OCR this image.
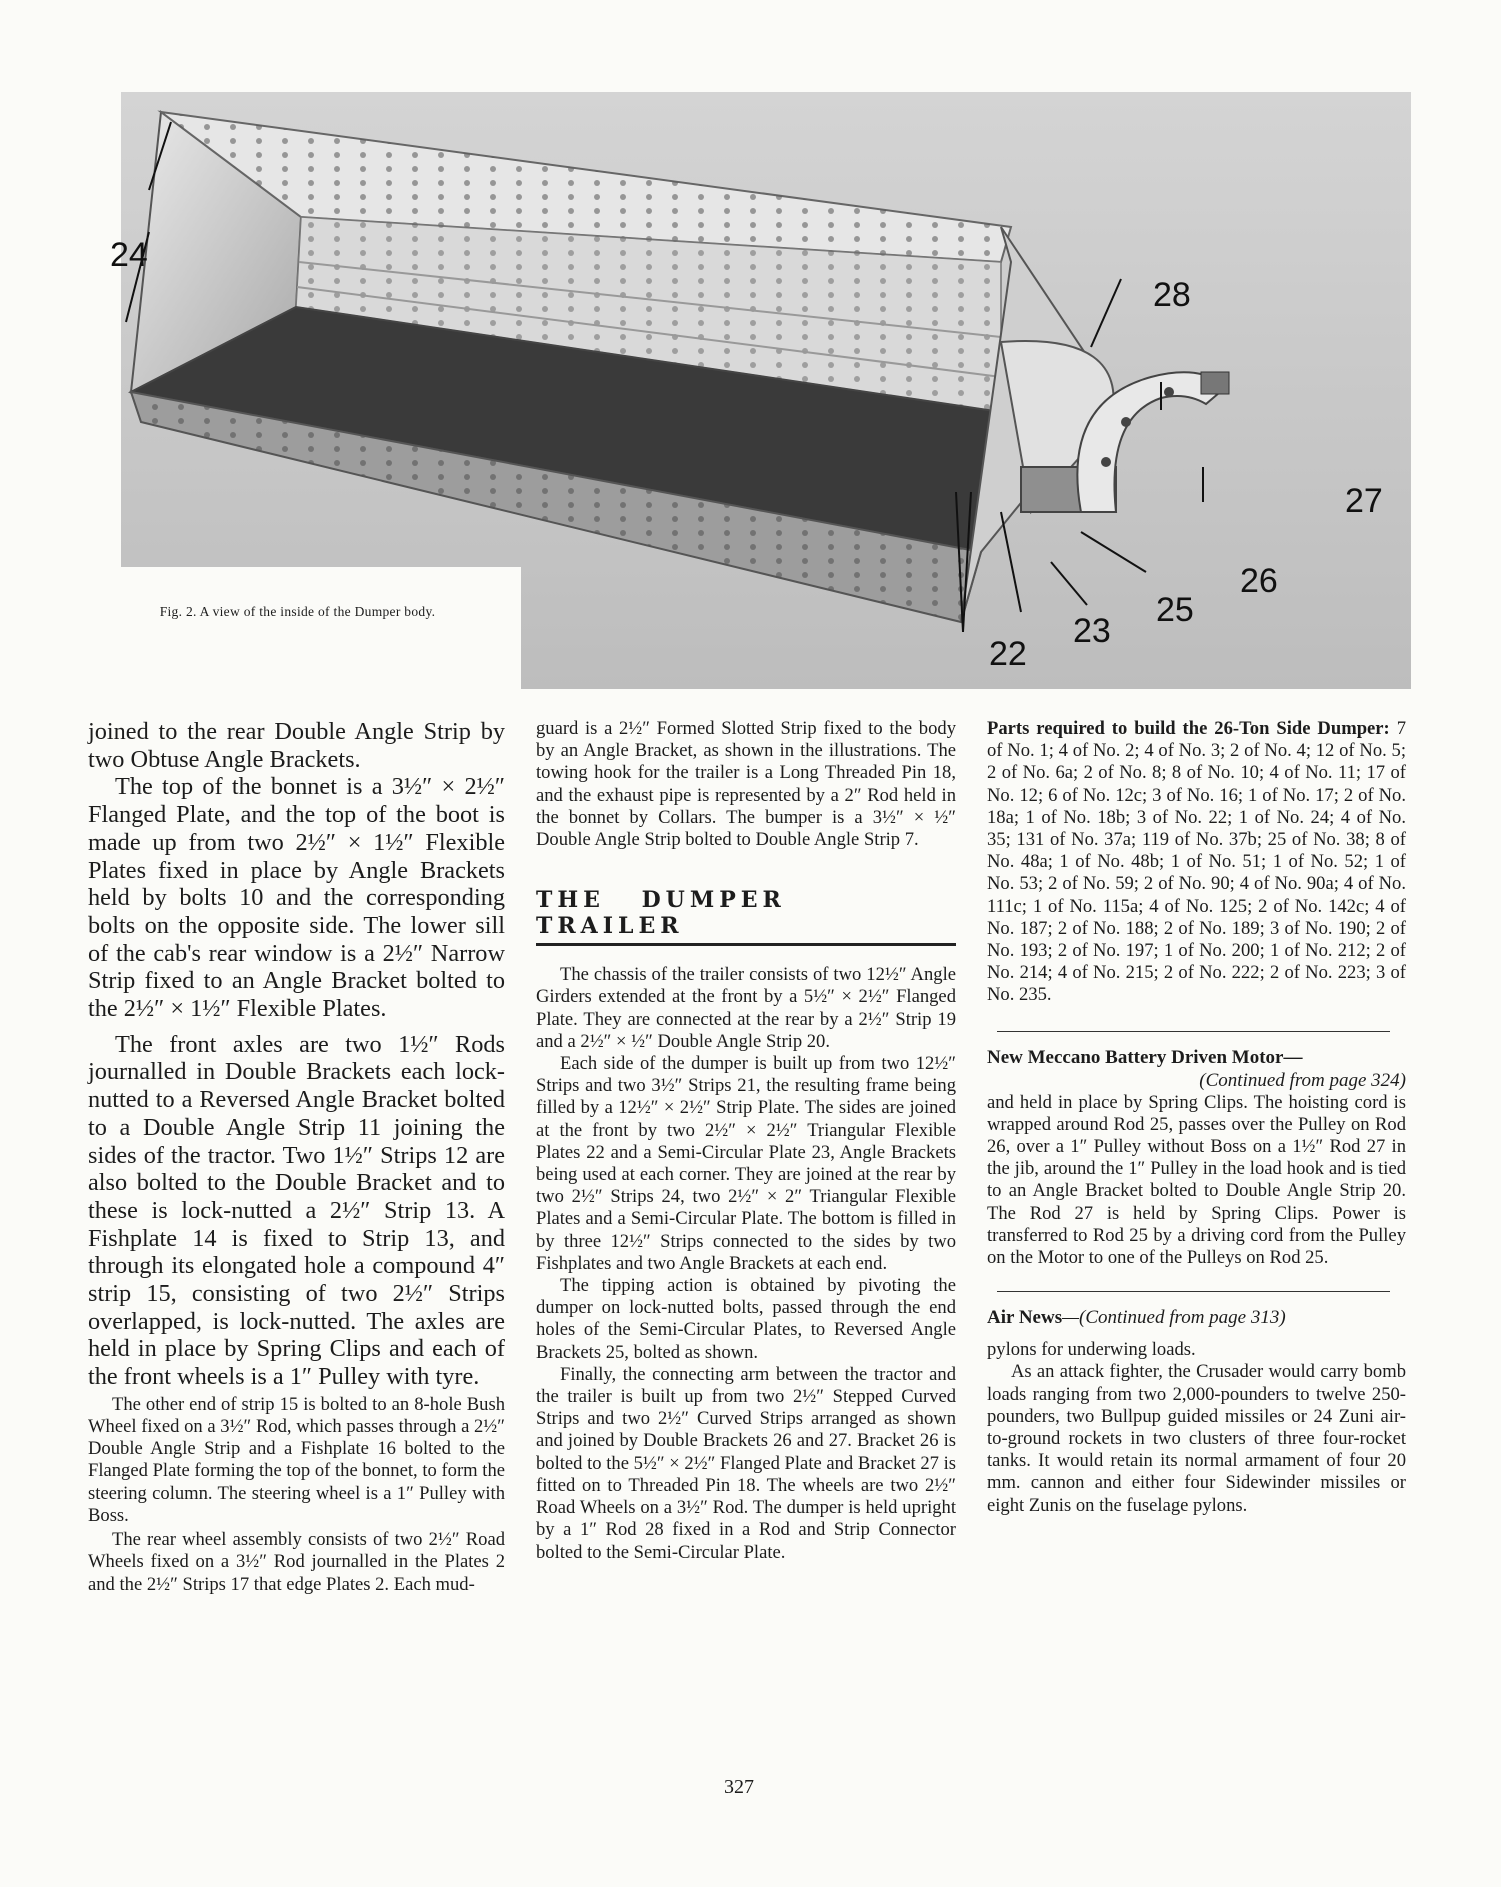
Fig. 2. A view of the inside of the Dumper body.
24
28
27
26
25
23
22

joined to the rear Double Angle Strip by two Obtuse Angle Brackets.

The top of the bonnet is a 3½″ × 2½″ Flanged Plate, and the top of the boot is made up from two 2½″ × 1½″ Flexible Plates fixed in place by Angle Brackets held by bolts 10 and the corresponding bolts on the opposite side. The lower sill of the cab's rear window is a 2½″ Narrow Strip fixed to an Angle Bracket bolted to the 2½″ × 1½″ Flexible Plates.

The front axles are two 1½″ Rods journalled in Double Brackets each lock-nutted to a Reversed Angle Bracket bolted to a Double Angle Strip 11 joining the sides of the tractor. Two 1½″ Strips 12 are also bolted to the Double Bracket and to these is lock-nutted a 2½″ Strip 13. A Fishplate 14 is fixed to Strip 13, and through its elongated hole a compound 4″ strip 15, consisting of two 2½″ Strips overlapped, is lock-nutted. The axles are held in place by Spring Clips and each of the front wheels is a 1″ Pulley with tyre.

The other end of strip 15 is bolted to an 8-hole Bush Wheel fixed on a 3½″ Rod, which passes through a 2½″ Double Angle Strip and a Fishplate 16 bolted to the Flanged Plate forming the top of the bonnet, to form the steering column. The steering wheel is a 1″ Pulley with Boss.

The rear wheel assembly consists of two 2½″ Road Wheels fixed on a 3½″ Rod journalled in the Plates 2 and the 2½″ Strips 17 that edge Plates 2. Each mud-

guard is a 2½″ Formed Slotted Strip fixed to the body by an Angle Bracket, as shown in the illustrations. The towing hook for the trailer is a Long Threaded Pin 18, and the exhaust pipe is represented by a 2″ Rod held in the bonnet by Collars. The bumper is a 3½″ × ½″ Double Angle Strip bolted to Double Angle Strip 7.

THE DUMPER TRAILER

The chassis of the trailer consists of two 12½″ Angle Girders extended at the front by a 5½″ × 2½″ Flanged Plate. They are connected at the rear by a 2½″ Strip 19 and a 2½″ × ½″ Double Angle Strip 20.

Each side of the dumper is built up from two 12½″ Strips and two 3½″ Strips 21, the resulting frame being filled by a 12½″ × 2½″ Strip Plate. The sides are joined at the front by two 2½″ × 2½″ Triangular Flexible Plates 22 and a Semi-Circular Plate 23, Angle Brackets being used at each corner. They are joined at the rear by two 2½″ Strips 24, two 2½″ × 2″ Triangular Flexible Plates and a Semi-Circular Plate. The bottom is filled in by three 12½″ Strips connected to the sides by two Fishplates and two Angle Brackets at each end.

The tipping action is obtained by pivoting the dumper on lock-nutted bolts, passed through the end holes of the Semi-Circular Plates, to Reversed Angle Brackets 25, bolted as shown.

Finally, the connecting arm between the tractor and the trailer is built up from two 2½″ Stepped Curved Strips and two 2½″ Curved Strips arranged as shown and joined by Double Brackets 26 and 27. Bracket 26 is bolted to the 5½″ × 2½″ Flanged Plate and Bracket 27 is fitted on to Threaded Pin 18. The wheels are two 2½″ Road Wheels on a 3½″ Rod. The dumper is held upright by a 1″ Rod 28 fixed in a Rod and Strip Connector bolted to the Semi-Circular Plate.

Parts required to build the 26-Ton Side Dumper: 7 of No. 1; 4 of No. 2; 4 of No. 3; 2 of No. 4; 12 of No. 5; 2 of No. 6a; 2 of No. 8; 8 of No. 10; 4 of No. 11; 17 of No. 12; 6 of No. 12c; 3 of No. 16; 1 of No. 17; 2 of No. 18a; 1 of No. 18b; 3 of No. 22; 1 of No. 24; 4 of No. 35; 131 of No. 37a; 119 of No. 37b; 25 of No. 38; 8 of No. 48a; 1 of No. 48b; 1 of No. 51; 1 of No. 52; 1 of No. 53; 2 of No. 59; 2 of No. 90; 4 of No. 90a; 4 of No. 111c; 1 of No. 115a; 4 of No. 125; 2 of No. 142c; 4 of No. 187; 2 of No. 188; 2 of No. 189; 3 of No. 190; 2 of No. 193; 2 of No. 197; 1 of No. 200; 1 of No. 212; 2 of No. 214; 4 of No. 215; 2 of No. 222; 2 of No. 223; 3 of No. 235.

New Meccano Battery Driven Motor—

(Continued from page 324)

and held in place by Spring Clips. The hoisting cord is wrapped around Rod 25, passes over the Pulley on Rod 26, over a 1″ Pulley without Boss on a 1½″ Rod 27 in the jib, around the 1″ Pulley in the load hook and is tied to an Angle Bracket bolted to Double Angle Strip 20. The Rod 27 is held by Spring Clips. Power is transferred to Rod 25 by a driving cord from the Pulley on the Motor to one of the Pulleys on Rod 25.

Air News—(Continued from page 313)

pylons for underwing loads.

As an attack fighter, the Crusader would carry bomb loads ranging from two 2,000-pounders to twelve 250-pounders, two Bullpup guided missiles or 24 Zuni air-to-ground rockets in two clusters of three four-rocket tanks. It would retain its normal armament of four 20 mm. cannon and either four Sidewinder missiles or eight Zunis on the fuselage pylons.

327
